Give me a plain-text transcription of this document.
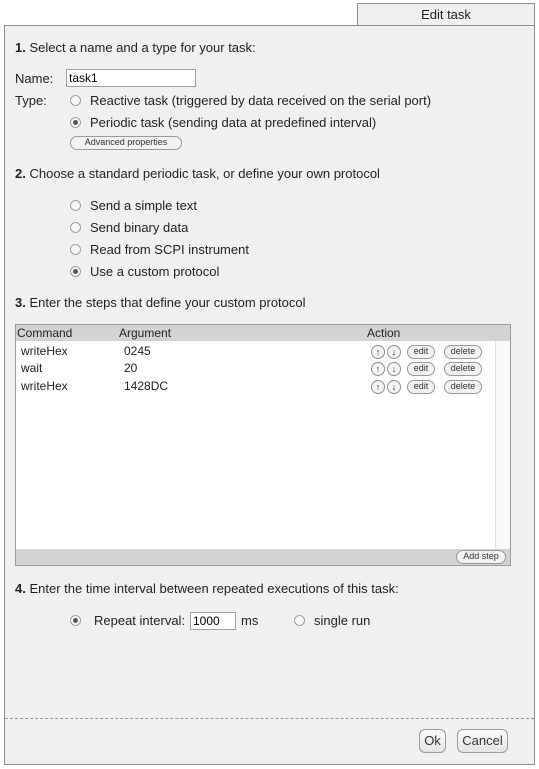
Edit task
1. Select a name and a type for your task:
Name:
task1
Type:	Reactive task (triggered by data received on the serial port)
Periodic task (sending data at predefined interval)
Advanced properties
2. Choose a standard periodic task, or define your own protocol
Send a simple text
Send binary data
Read from SCPI instrument
Use a custom protocol
3. Enter the steps that define your custom protocol
Command	Argument	Action
writeHex	0245	↑	↓	edit	delete
wait	20	↑	↓	edit	delete
writeHex	1428DC	↑	↓	edit	delete
Add step
4. Enter the time interval between repeated executions of this task:
Repeat interval:
1000	ms	single run
Ok	Cancel
